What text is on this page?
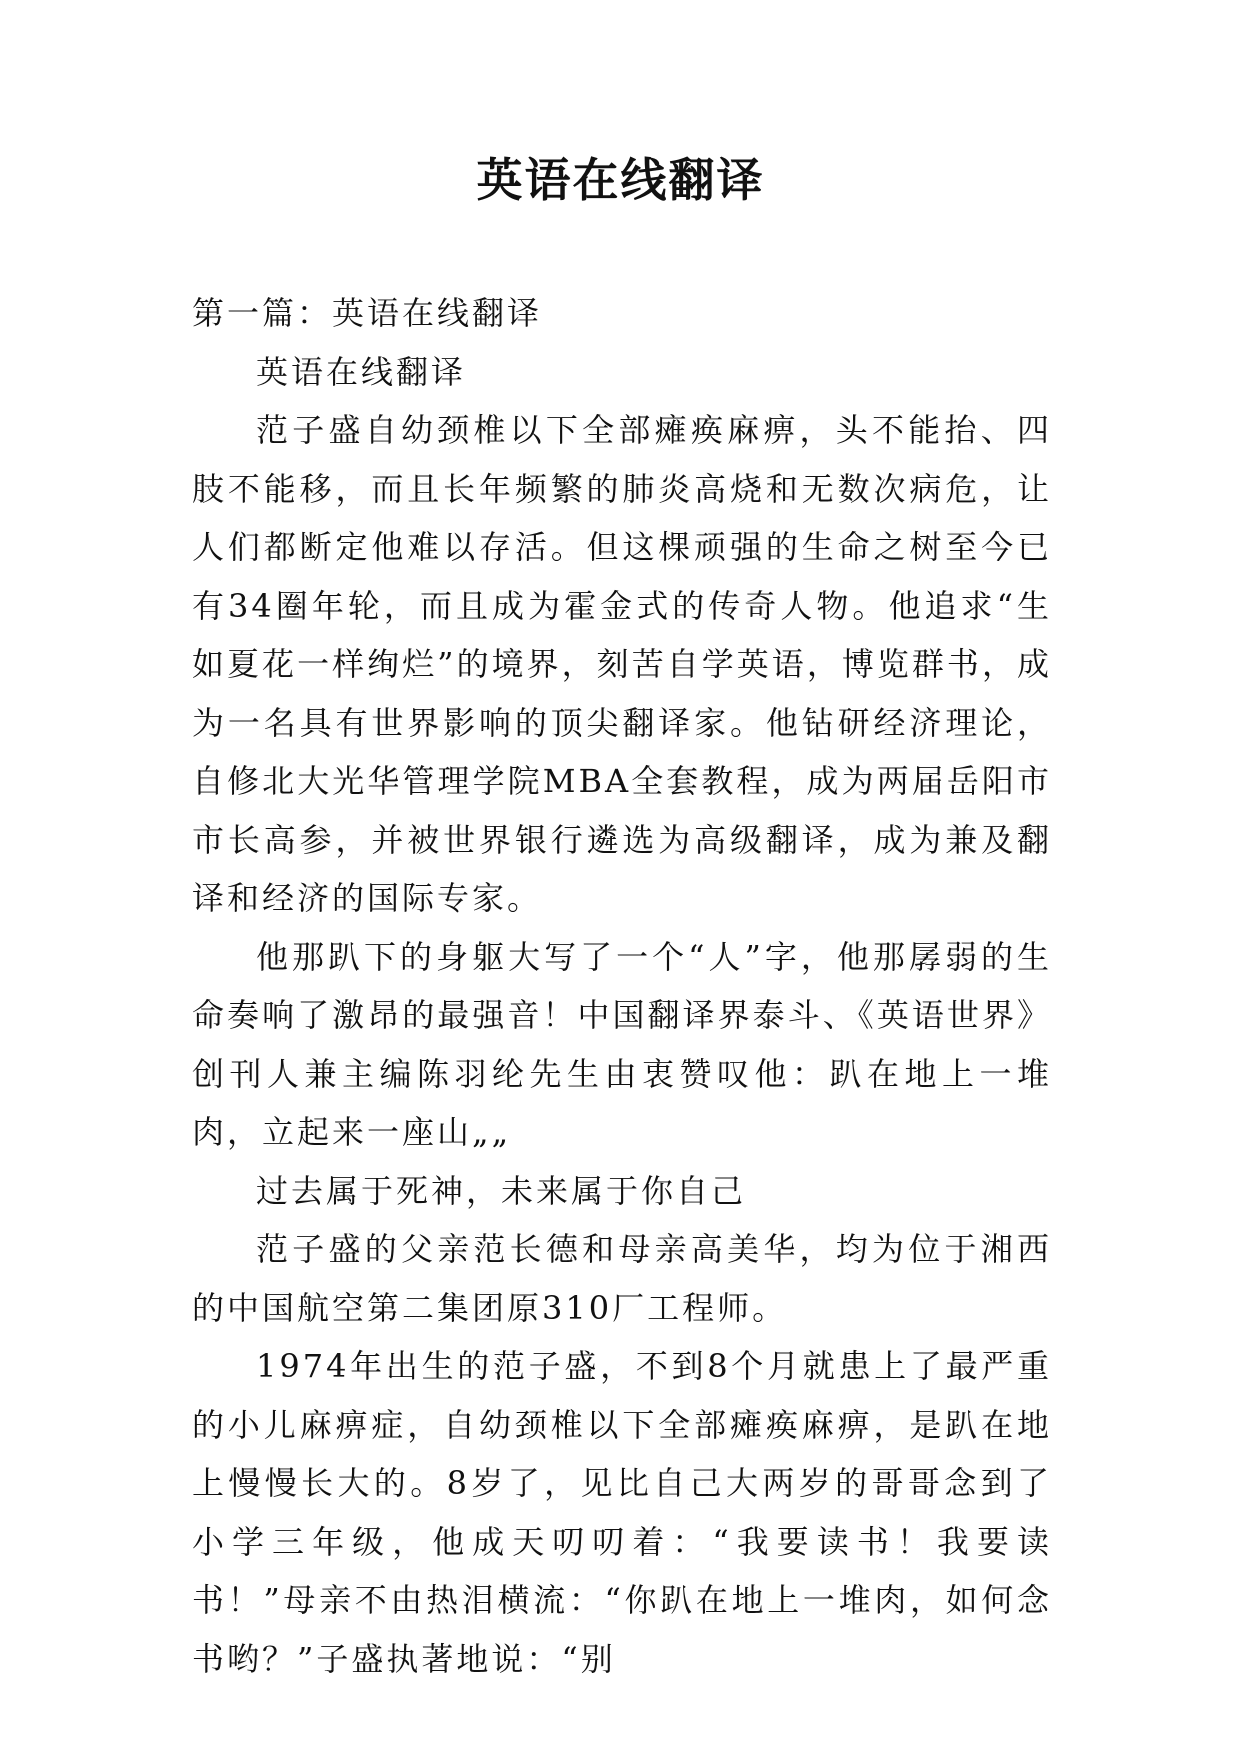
英语在线翻译

第一篇：英语在线翻译

英语在线翻译

范子盛自幼颈椎以下全部瘫痪麻痹，头不能抬、四肢不能移，而且长年频繁的肺炎高烧和无数次病危，让人们都断定他难以存活。但这棵顽强的生命之树至今已有34圈年轮，而且成为霍金式的传奇人物。他追求“生如夏花一样绚烂”的境界，刻苦自学英语，博览群书，成为一名具有世界影响的顶尖翻译家。他钻研经济理论，自修北大光华管理学院MBA全套教程，成为两届岳阳市市长高参，并被世界银行遴选为高级翻译，成为兼及翻译和经济的国际专家。

他那趴下的身躯大写了一个“人”字，他那孱弱的生命奏响了激昂的最强音！中国翻译界泰斗、《英语世界》创刊人兼主编陈羽纶先生由衷赞叹他：趴在地上一堆肉，立起来一座山„„

过去属于死神，未来属于你自己

范子盛的父亲范长德和母亲高美华，均为位于湘西的中国航空第二集团原310厂工程师。

1974年出生的范子盛，不到8个月就患上了最严重的小儿麻痹症，自幼颈椎以下全部瘫痪麻痹，是趴在地上慢慢长大的。8岁了，见比自己大两岁的哥哥念到了小学三年级，他成天叨叨着：“我要读书！我要读书！”母亲不由热泪横流：“你趴在地上一堆肉，如何念书哟？”子盛执著地说：“别
